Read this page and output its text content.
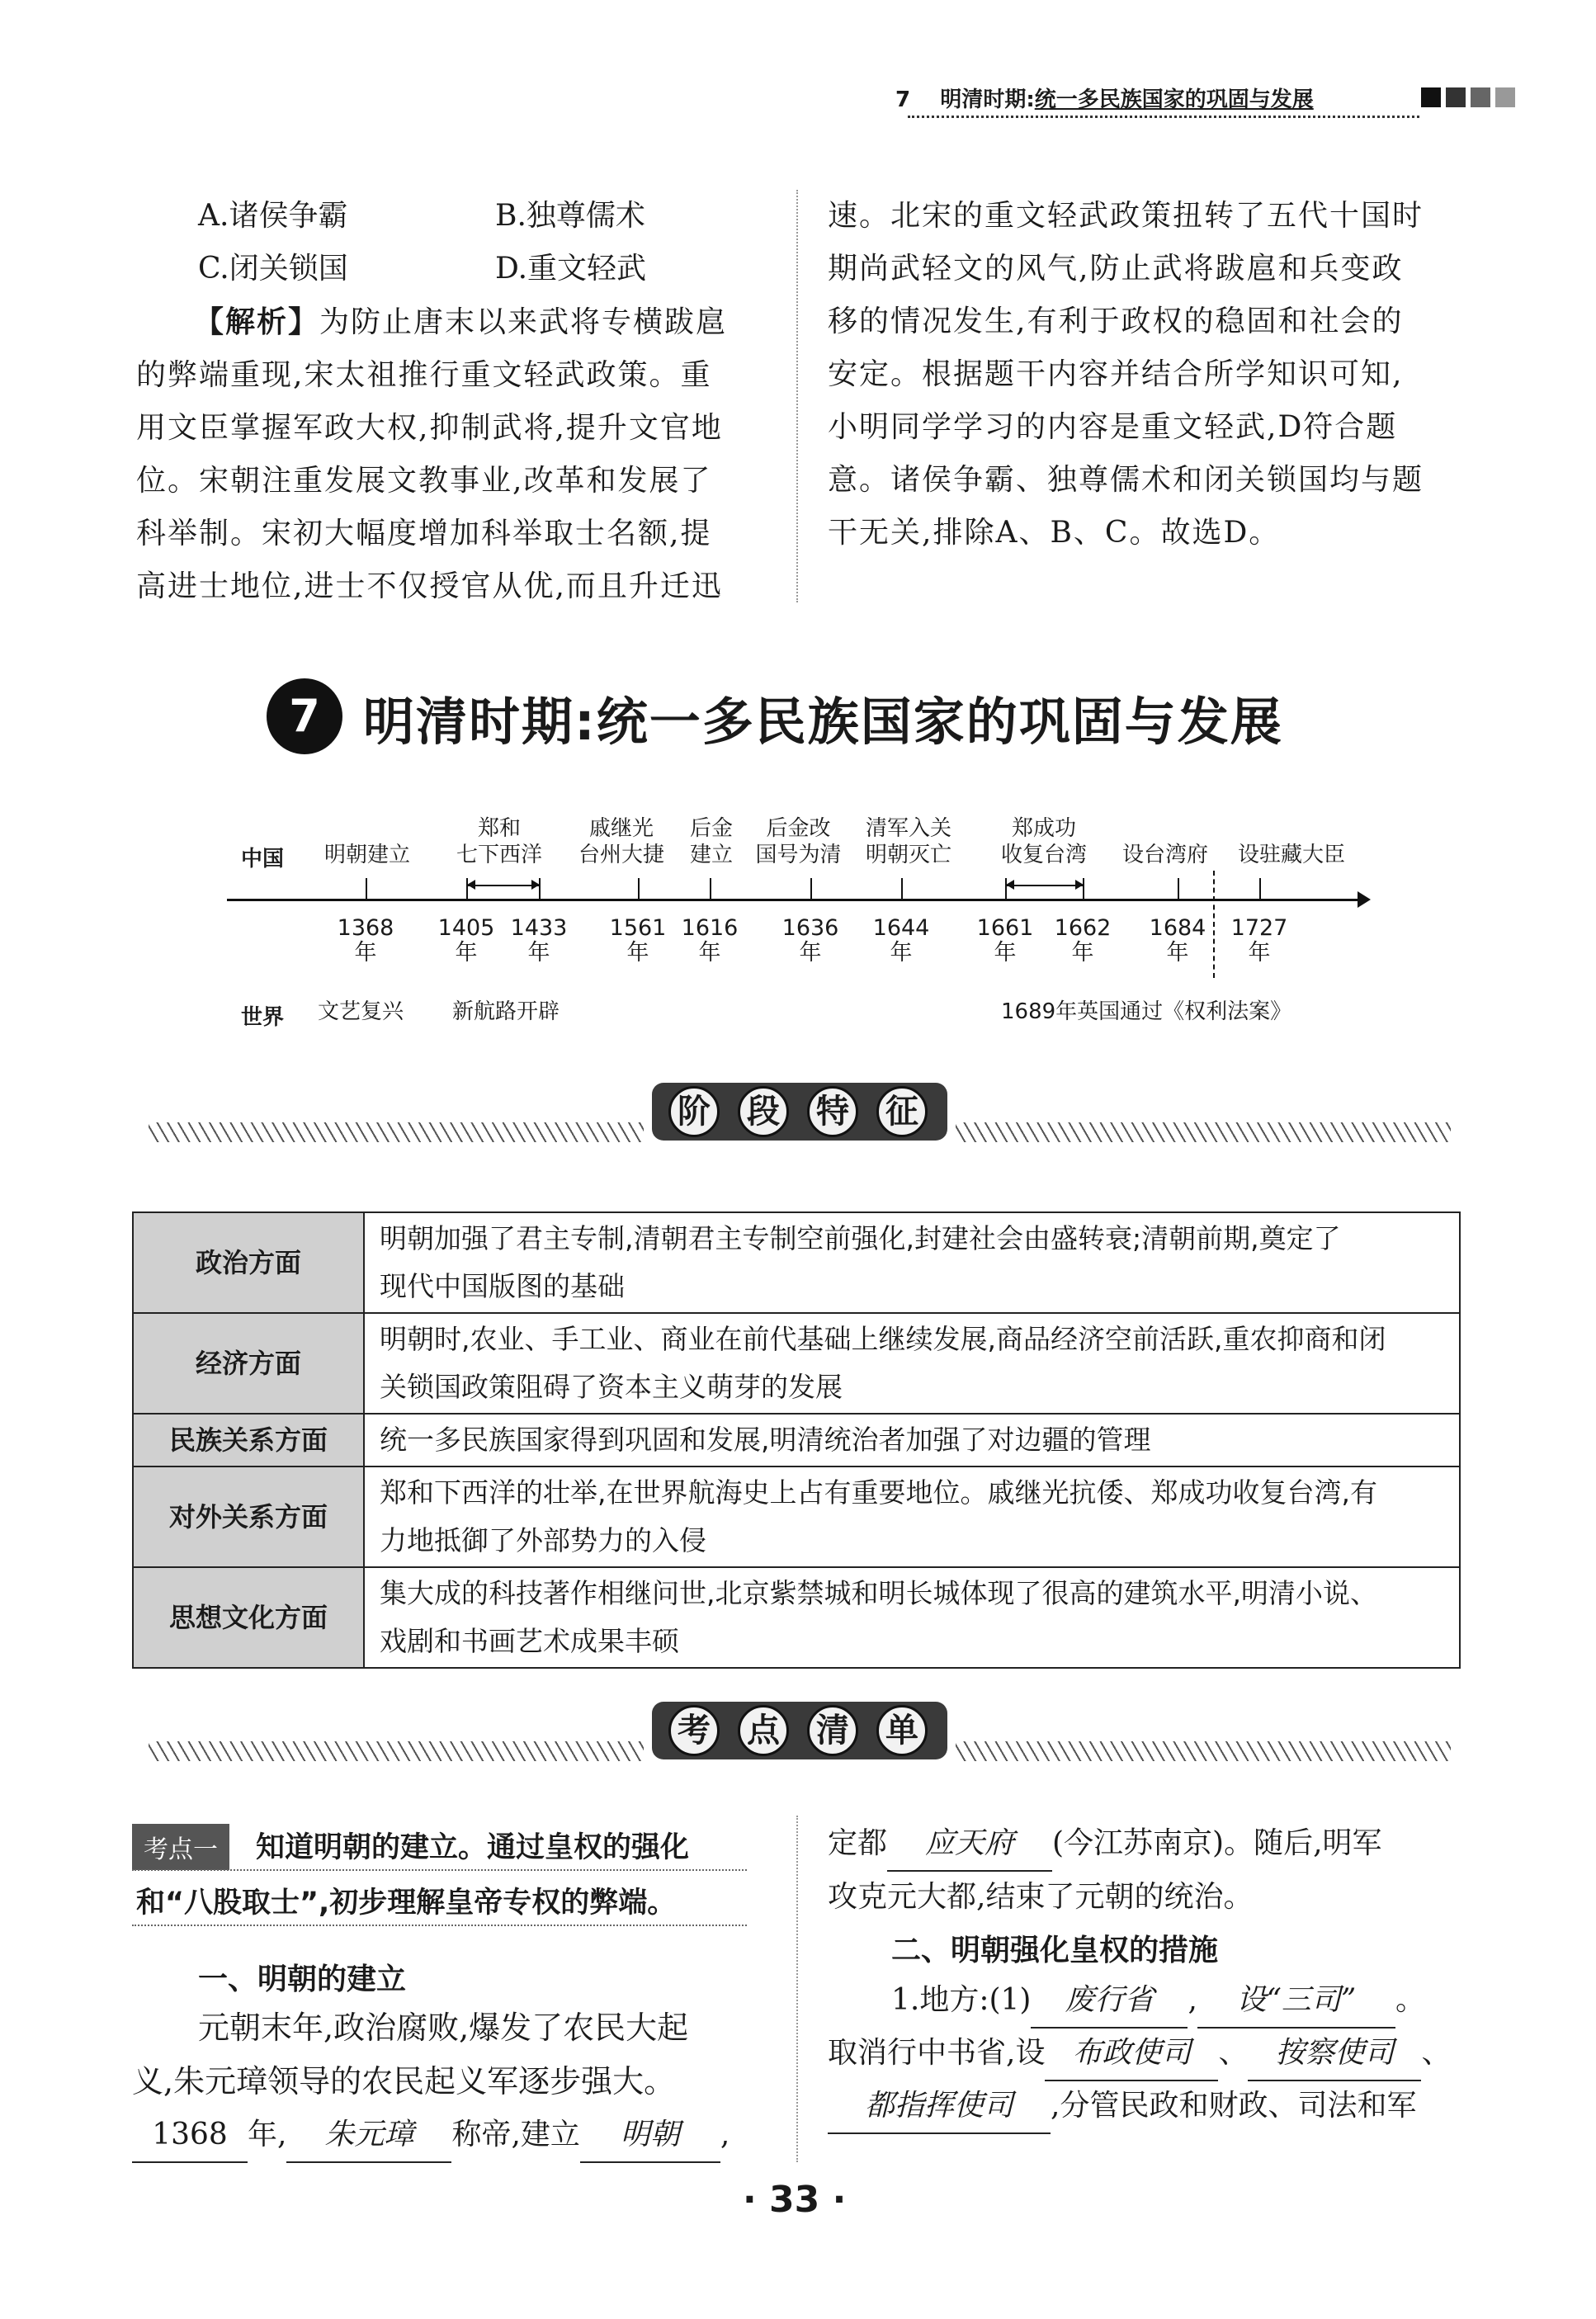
7 明清时期:统一多民族国家的巩固与发展
A.诸侯争霸	B.独尊儒术
C.闭关锁国	D.重文轻武
【解析】为防止唐末以来武将专横跋扈
的弊端重现,宋太祖推行重文轻武政策。重
用文臣掌握军政大权,抑制武将,提升文官地
位。宋朝注重发展文教事业,改革和发展了
科举制。宋初大幅度增加科举取士名额,提
高进士地位,进士不仅授官从优,而且升迁迅
速。北宋的重文轻武政策扭转了五代十国时
期尚武轻文的风气,防止武将跋扈和兵变政
移的情况发生,有利于政权的稳固和社会的
安定。根据题干内容并结合所学知识可知,
小明同学学习的内容是重文轻武,D符合题
意。诸侯争霸、独尊儒术和闭关锁国均与题
干无关,排除A、B、C。故选D。
7 明清时期:统一多民族国家的巩固与发展
中国
	明朝建立
郑和
七下西洋
戚继光
台州大捷
后金
建立
后金改
国号为清
清军入关
明朝灭亡
郑成功
收复台湾
	设台湾府
	设驻藏大臣
1368
年
1405
年
1433
年
1561
年
1616
年
1636
年
1644
年
1661
年
1662
年
1684
年
1727
年
世界 文艺复兴 新航路开辟	1689年英国通过《权利法案》
阶 段 特 征
政治方面	明朝加强了君主专制,清朝君主专制空前强化,封建社会由盛转衰;清朝前期,奠定了
现代中国版图的基础

经济方面	明朝时,农业、手工业、商业在前代基础上继续发展,商品经济空前活跃,重农抑商和闭
关锁国政策阻碍了资本主义萌芽的发展

民族关系方面	统一多民族国家得到巩固和发展,明清统治者加强了对边疆的管理

对外关系方面	郑和下西洋的壮举,在世界航海史上占有重要地位。戚继光抗倭、郑成功收复台湾,有
力地抵御了外部势力的入侵

思想文化方面	集大成的科技著作相继问世,北京紫禁城和明长城体现了很高的建筑水平,明清小说、
戏剧和书画艺术成果丰硕
考 点 清 单
考点一	知道明朝的建立。通过皇权的强化
和“八股取士”,初步理解皇帝专权的弊端。
一、明朝的建立
元朝末年,政治腐败,爆发了农民大起
义,朱元璋领导的农民起义军逐步强大。
1368 年, 朱元璋 称帝,建立 明朝 ,
定都 应天府 (今江苏南京)。随后,明军
攻克元大都,结束了元朝的统治。
二、明朝强化皇权的措施
1.地方:(1) 废行省 , 设“三司” 。
取消行中书省,设 布政使司 、 按察使司 、
都指挥使司 ,分管民政和财政、司法和军
· 33 ·
